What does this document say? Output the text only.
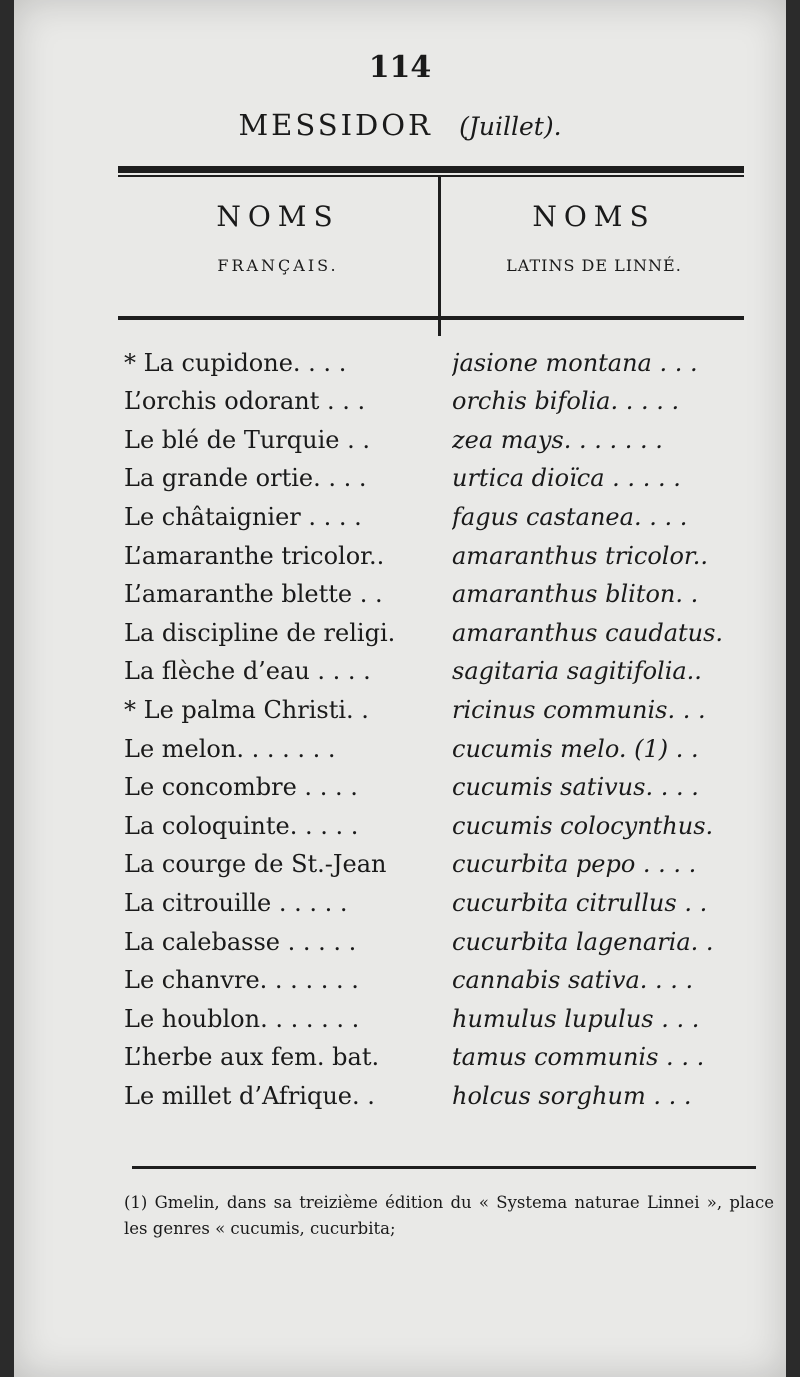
114
MESSIDOR (Juillet).
NOMS
FRANÇAIS.
NOMS
LATINS DE LINNÉ.
* La cupidone. . . .	jasione montana . . .
L’orchis odorant . . .	orchis bifolia. . . . .
Le blé de Turquie . .	zea mays. . . . . . .
La grande ortie. . . .	urtica dioïca . . . . .
Le châtaignier . . . .	fagus castanea. . . .
L’amaranthe tricolor..	amaranthus tricolor..
L’amaranthe blette . .	amaranthus bliton. .
La discipline de religi.	amaranthus caudatus.
La flèche d’eau . . . .	sagitaria sagitifolia..
* Le palma Christi. .	ricinus communis. . .
Le melon. . . . . . .	cucumis melo. (1) . .
Le concombre . . . .	cucumis sativus. . . .
La coloquinte. . . . .	cucumis colocynthus.
La courge de St.-Jean	cucurbita pepo . . . .
La citrouille . . . . .	cucurbita citrullus . .
La calebasse . . . . .	cucurbita lagenaria. .
Le chanvre. . . . . . .	cannabis sativa. . . .
Le houblon. . . . . . .	humulus lupulus . . .
L’herbe aux fem. bat.	tamus communis . . .
Le millet d’Afrique. .	holcus sorghum . . .
(1) Gmelin, dans sa treizième édition du « Systema naturae Linnei », place les genres « cucumis, cucurbita;
